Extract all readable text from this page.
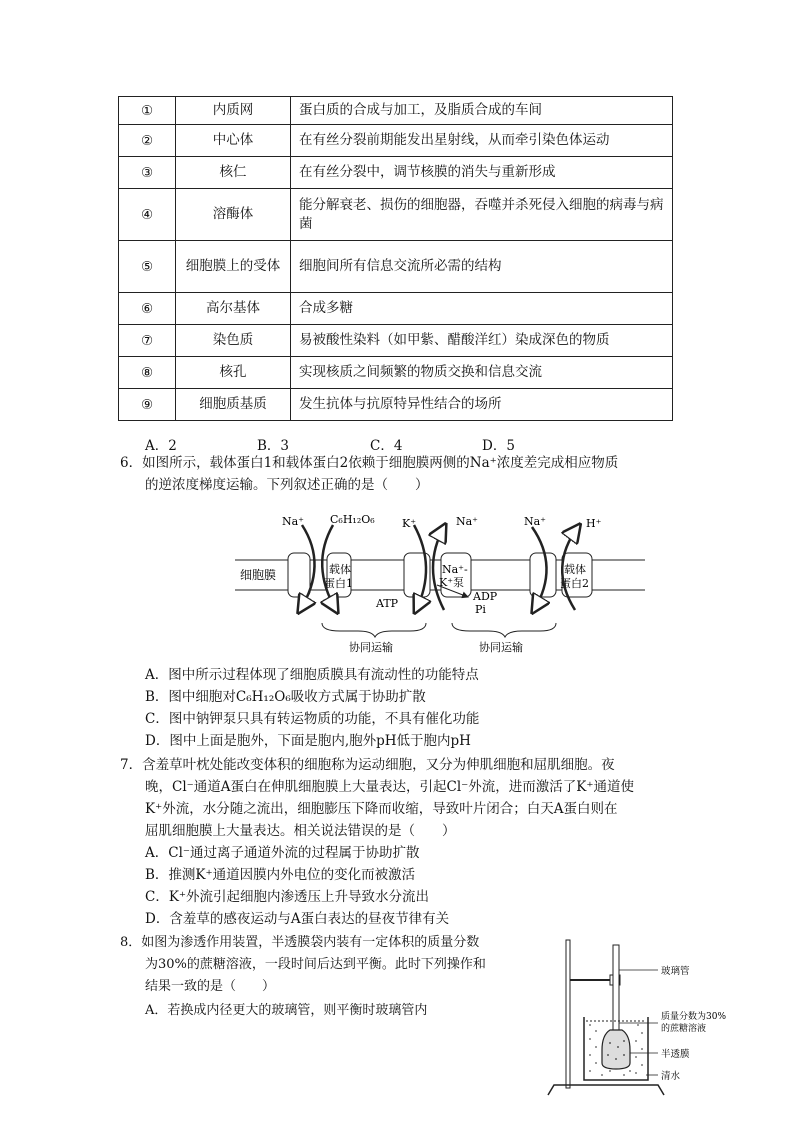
①	内质网	蛋白质的合成与加工，及脂质合成的车间
②	中心体	在有丝分裂前期能发出星射线，从而牵引染色体运动
③	核仁	在有丝分裂中，调节核膜的消失与重新形成
④	溶酶体	能分解衰老、损伤的细胞器，吞噬并杀死侵入细胞的病毒与病菌
⑤	细胞膜上的受体	细胞间所有信息交流所必需的结构
⑥	高尔基体	合成多糖
⑦	染色质	易被酸性染料（如甲紫、醋酸洋红）染成深色的物质
⑧	核孔	实现核质之间频繁的物质交换和信息交流
⑨	细胞质基质	发生抗体与抗原特异性结合的场所
A．2	B．3	C．4	D．5
6．如图所示，载体蛋白1和载体蛋白2依赖于细胞膜两侧的Na⁺浓度差完成相应物质
的逆浓度梯度运输。下列叙述正确的是（　　）
细胞膜	载体
蛋白1
Na⁺-
K⁺泵
载体
蛋白2
Na⁺ C₆H₁₂O₆ K⁺	Na⁺	Na⁺	H⁺
ATP
ADP
Pi
协同运输	协同运输
A．图中所示过程体现了细胞质膜具有流动性的功能特点
B．图中细胞对C₆H₁₂O₆吸收方式属于协助扩散
C．图中钠钾泵只具有转运物质的功能，不具有催化功能
D．图中上面是胞外，下面是胞内,胞外pH低于胞内pH
7．含羞草叶枕处能改变体积的细胞称为运动细胞，又分为伸肌细胞和屈肌细胞。夜
晚，Cl⁻通道A蛋白在伸肌细胞膜上大量表达，引起Cl⁻外流，进而激活了K⁺通道使
K⁺外流，水分随之流出，细胞膨压下降而收缩，导致叶片闭合；白天A蛋白则在
屈肌细胞膜上大量表达。相关说法错误的是（　　）
A．Cl⁻通过离子通道外流的过程属于协助扩散
B．推测K⁺通道因膜内外电位的变化而被激活
C．K⁺外流引起细胞内渗透压上升导致水分流出
D．含羞草的感夜运动与A蛋白表达的昼夜节律有关
8．如图为渗透作用装置，半透膜袋内装有一定体积的质量分数
为30%的蔗糖溶液，一段时间后达到平衡。此时下列操作和
结果一致的是（　　）
A．若换成内径更大的玻璃管，则平衡时玻璃管内
玻璃管
质量分数为30%
的蔗糖溶液
半透膜
清水
